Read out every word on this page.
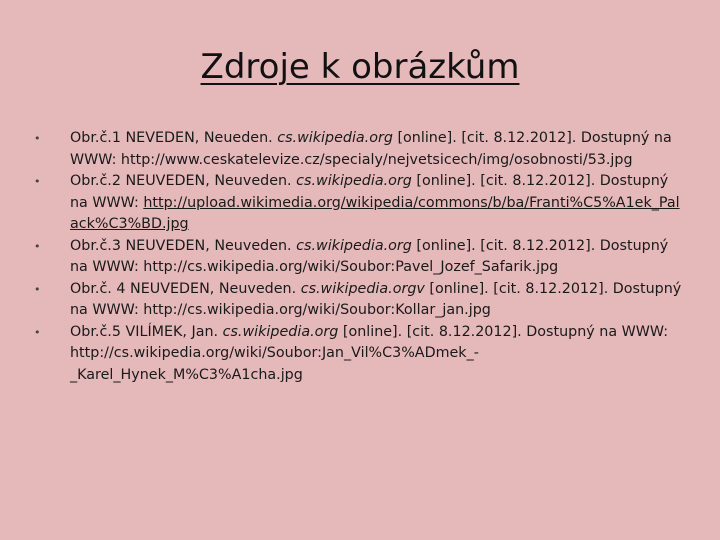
Zdroje k obrázkům
• Obr.č.1 NEVEDEN, Neueden. cs.wikipedia.org [online]. [cit. 8.12.2012]. Dostupný na WWW: http://www.ceskatelevize.cz/specialy/nejvetsicech/img/osobnosti/53.jpg
• Obr.č.2 NEUVEDEN, Neuveden. cs.wikipedia.org [online]. [cit. 8.12.2012]. Dostupný na WWW: http://upload.wikimedia.org/wikipedia/commons/b/ba/Franti%C5%A1ek_Palack%C3%BD.jpg
• Obr.č.3 NEUVEDEN, Neuveden. cs.wikipedia.org [online]. [cit. 8.12.2012]. Dostupný na WWW: http://cs.wikipedia.org/wiki/Soubor:Pavel_Jozef_Safarik.jpg
• Obr.č. 4 NEUVEDEN, Neuveden. cs.wikipedia.orgv [online]. [cit. 8.12.2012]. Dostupný na WWW: http://cs.wikipedia.org/wiki/Soubor:Kollar_jan.jpg
• Obr.č.5 VILÍMEK, Jan. cs.wikipedia.org [online]. [cit. 8.12.2012]. Dostupný na WWW: http://cs.wikipedia.org/wiki/Soubor:Jan_Vil%C3%ADmek_-_Karel_Hynek_M%C3%A1cha.jpg
